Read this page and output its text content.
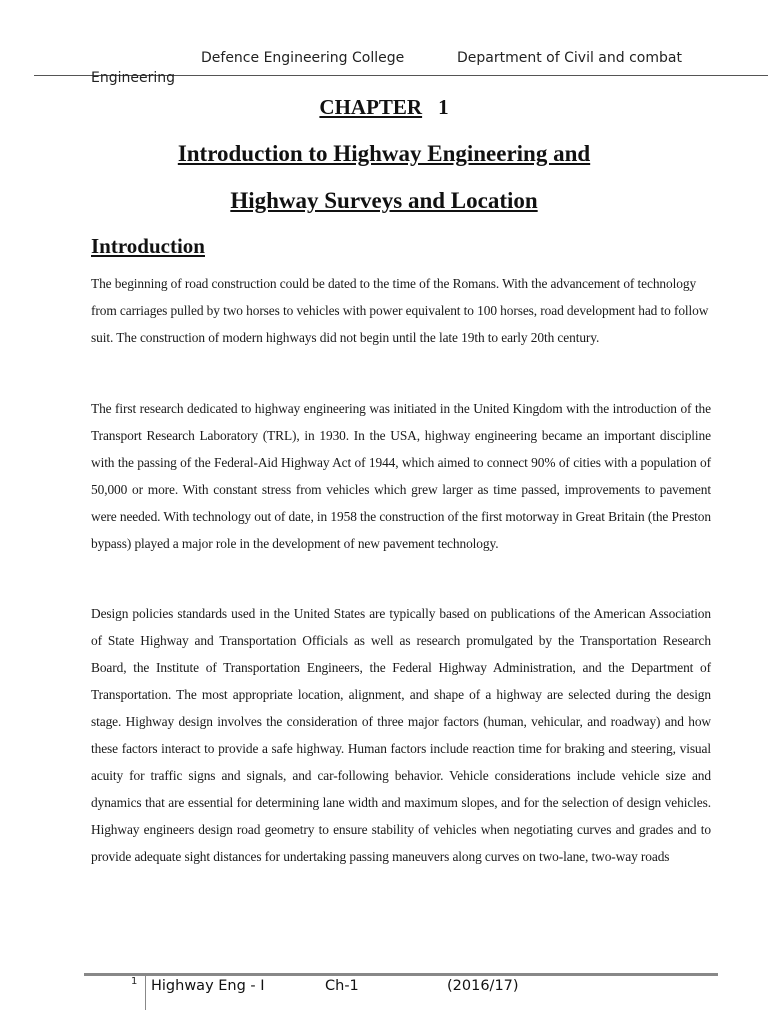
Defence Engineering College	Department of Civil and combat
Engineering
CHAPTER 1
Introduction to Highway Engineering and
Highway Surveys and Location
Introduction

The beginning of road construction could be dated to the time of the Romans. With the advancement of technology from carriages pulled by two horses to vehicles with power equivalent to 100 horses, road development had to follow suit. The construction of modern highways did not begin until the late 19th to early 20th century.

The first research dedicated to highway engineering was initiated in the United Kingdom with the introduction of the Transport Research Laboratory (TRL), in 1930. In the USA, highway engineering became an important discipline with the passing of the Federal-Aid Highway Act of 1944, which aimed to connect 90% of cities with a population of 50,000 or more. With constant stress from vehicles which grew larger as time passed, improvements to pavement were needed. With technology out of date, in 1958 the construction of the first motorway in Great Britain (the Preston bypass) played a major role in the development of new pavement technology.

Design policies standards used in the United States are typically based on publications of the American Association of State Highway and Transportation Officials as well as research promulgated by the Transportation Research Board, the Institute of Transportation Engineers, the Federal Highway Administration, and the Department of Transportation. The most appropriate location, alignment, and shape of a highway are selected during the design stage. Highway design involves the consideration of three major factors (human, vehicular, and roadway) and how these factors interact to provide a safe highway. Human factors include reaction time for braking and steering, visual acuity for traffic signs and signals, and car-following behavior. Vehicle considerations include vehicle size and dynamics that are essential for determining lane width and maximum slopes, and for the selection of design vehicles. Highway engineers design road geometry to ensure stability of vehicles when negotiating curves and grades and to provide adequate sight distances for undertaking passing maneuvers along curves on two-lane, two-way roads

1 Highway Eng - I	Ch-1	(2016/17)
